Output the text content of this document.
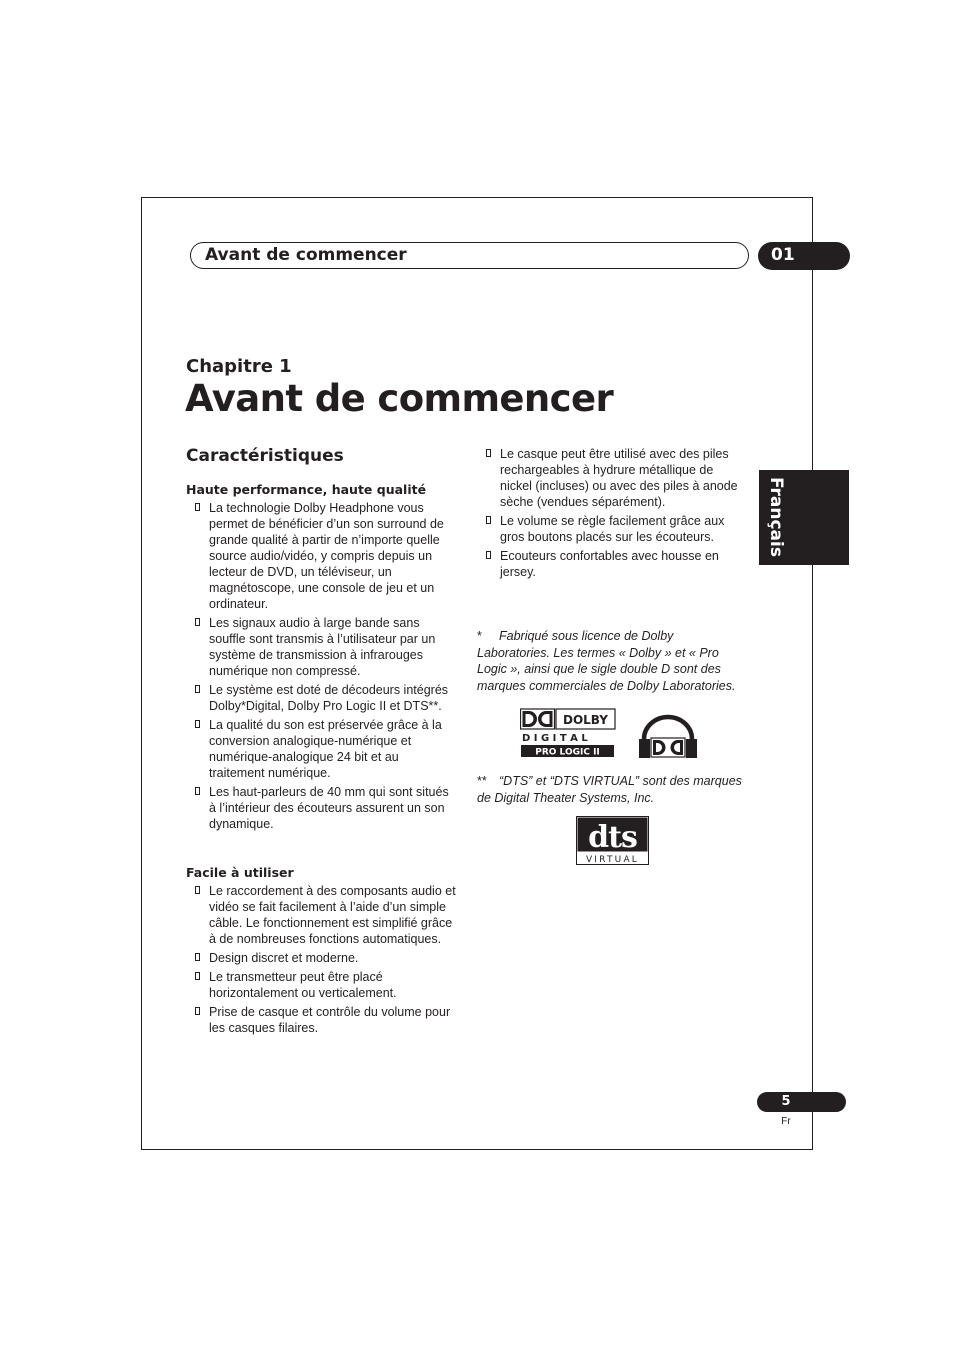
Avant de commencer	01
Français
Chapitre 1
Avant de commencer
Caractéristiques
Haute performance, haute qualité
La technologie Dolby Headphone vous permet de bénéficier d’un son surround de grande qualité à partir de n’importe quelle source audio/vidéo, y compris depuis un lecteur de DVD, un téléviseur, un magnétoscope, une console de jeu et un ordinateur.
Les signaux audio à large bande sans souffle sont transmis à l’utilisateur par un système de transmission à infrarouges numérique non compressé.
Le système est doté de décodeurs intégrés Dolby*Digital, Dolby Pro Logic II et DTS**.
La qualité du son est préservée grâce à la conversion analogique-numérique et numérique-analogique 24 bit et au traitement numérique.
Les haut-parleurs de 40 mm qui sont situés à l’intérieur des écouteurs assurent un son dynamique.
Facile à utiliser
Le raccordement à des composants audio et vidéo se fait facilement à l’aide d’un simple câble. Le fonctionnement est simplifié grâce à de nombreuses fonctions automatiques.
Design discret et moderne.
Le transmetteur peut être placé horizontalement ou verticalement.
Prise de casque et contrôle du volume pour les casques filaires.
Le casque peut être utilisé avec des piles rechargeables à hydrure métallique de nickel (incluses) ou avec des piles à anode sèche (vendues séparément).
Le volume se règle facilement grâce aux gros boutons placés sur les écouteurs.
Ecouteurs confortables avec housse en jersey.
* Fabriqué sous licence de Dolby Laboratories. Les termes « Dolby » et « Pro Logic », ainsi que le sigle double D sont des marques commerciales de Dolby Laboratories.
DOLBY
D I G I T A L
PRO LOGIC II
** “DTS” et “DTS VIRTUAL” sont des marques de Digital Theater Systems, Inc.
dts
VIRTUAL
5
Fr
